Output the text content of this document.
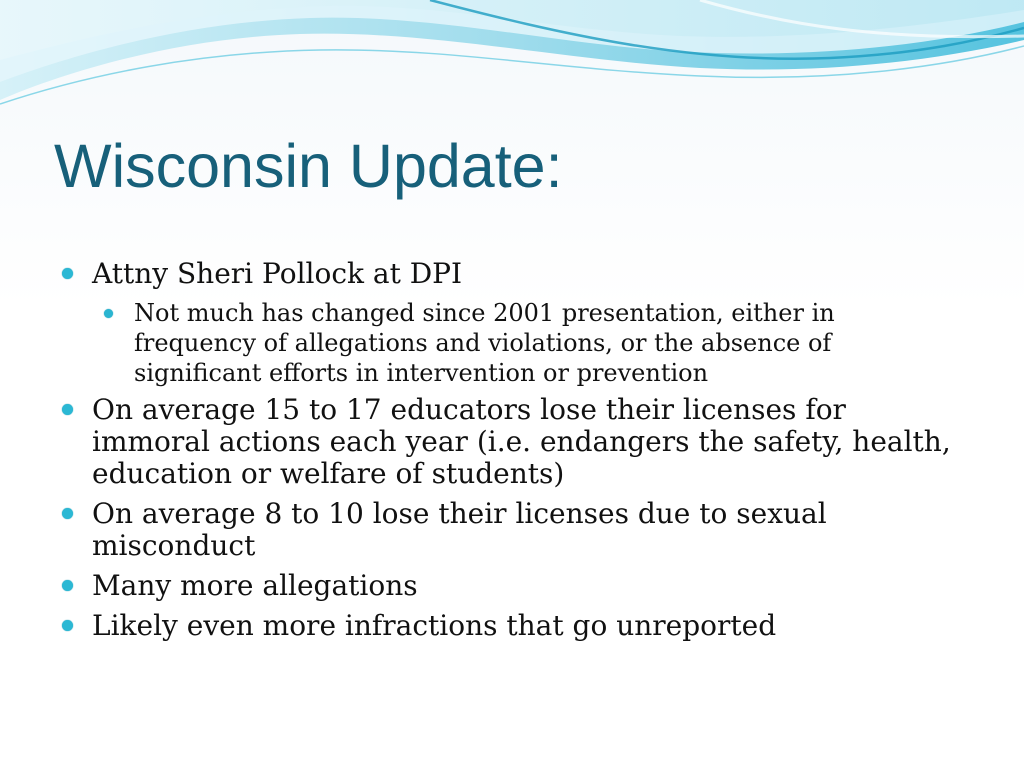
Wisconsin Update:
Attny Sheri Pollock at DPI
Not much has changed since 2001 presentation, either in frequency of allegations and violations, or the absence of significant efforts in intervention or prevention
On average 15 to 17 educators lose their licenses for immoral actions each year (i.e. endangers the safety, health, education or welfare of students)
On average 8 to 10 lose their licenses due to sexual misconduct
Many more allegations
Likely even more infractions that go unreported
